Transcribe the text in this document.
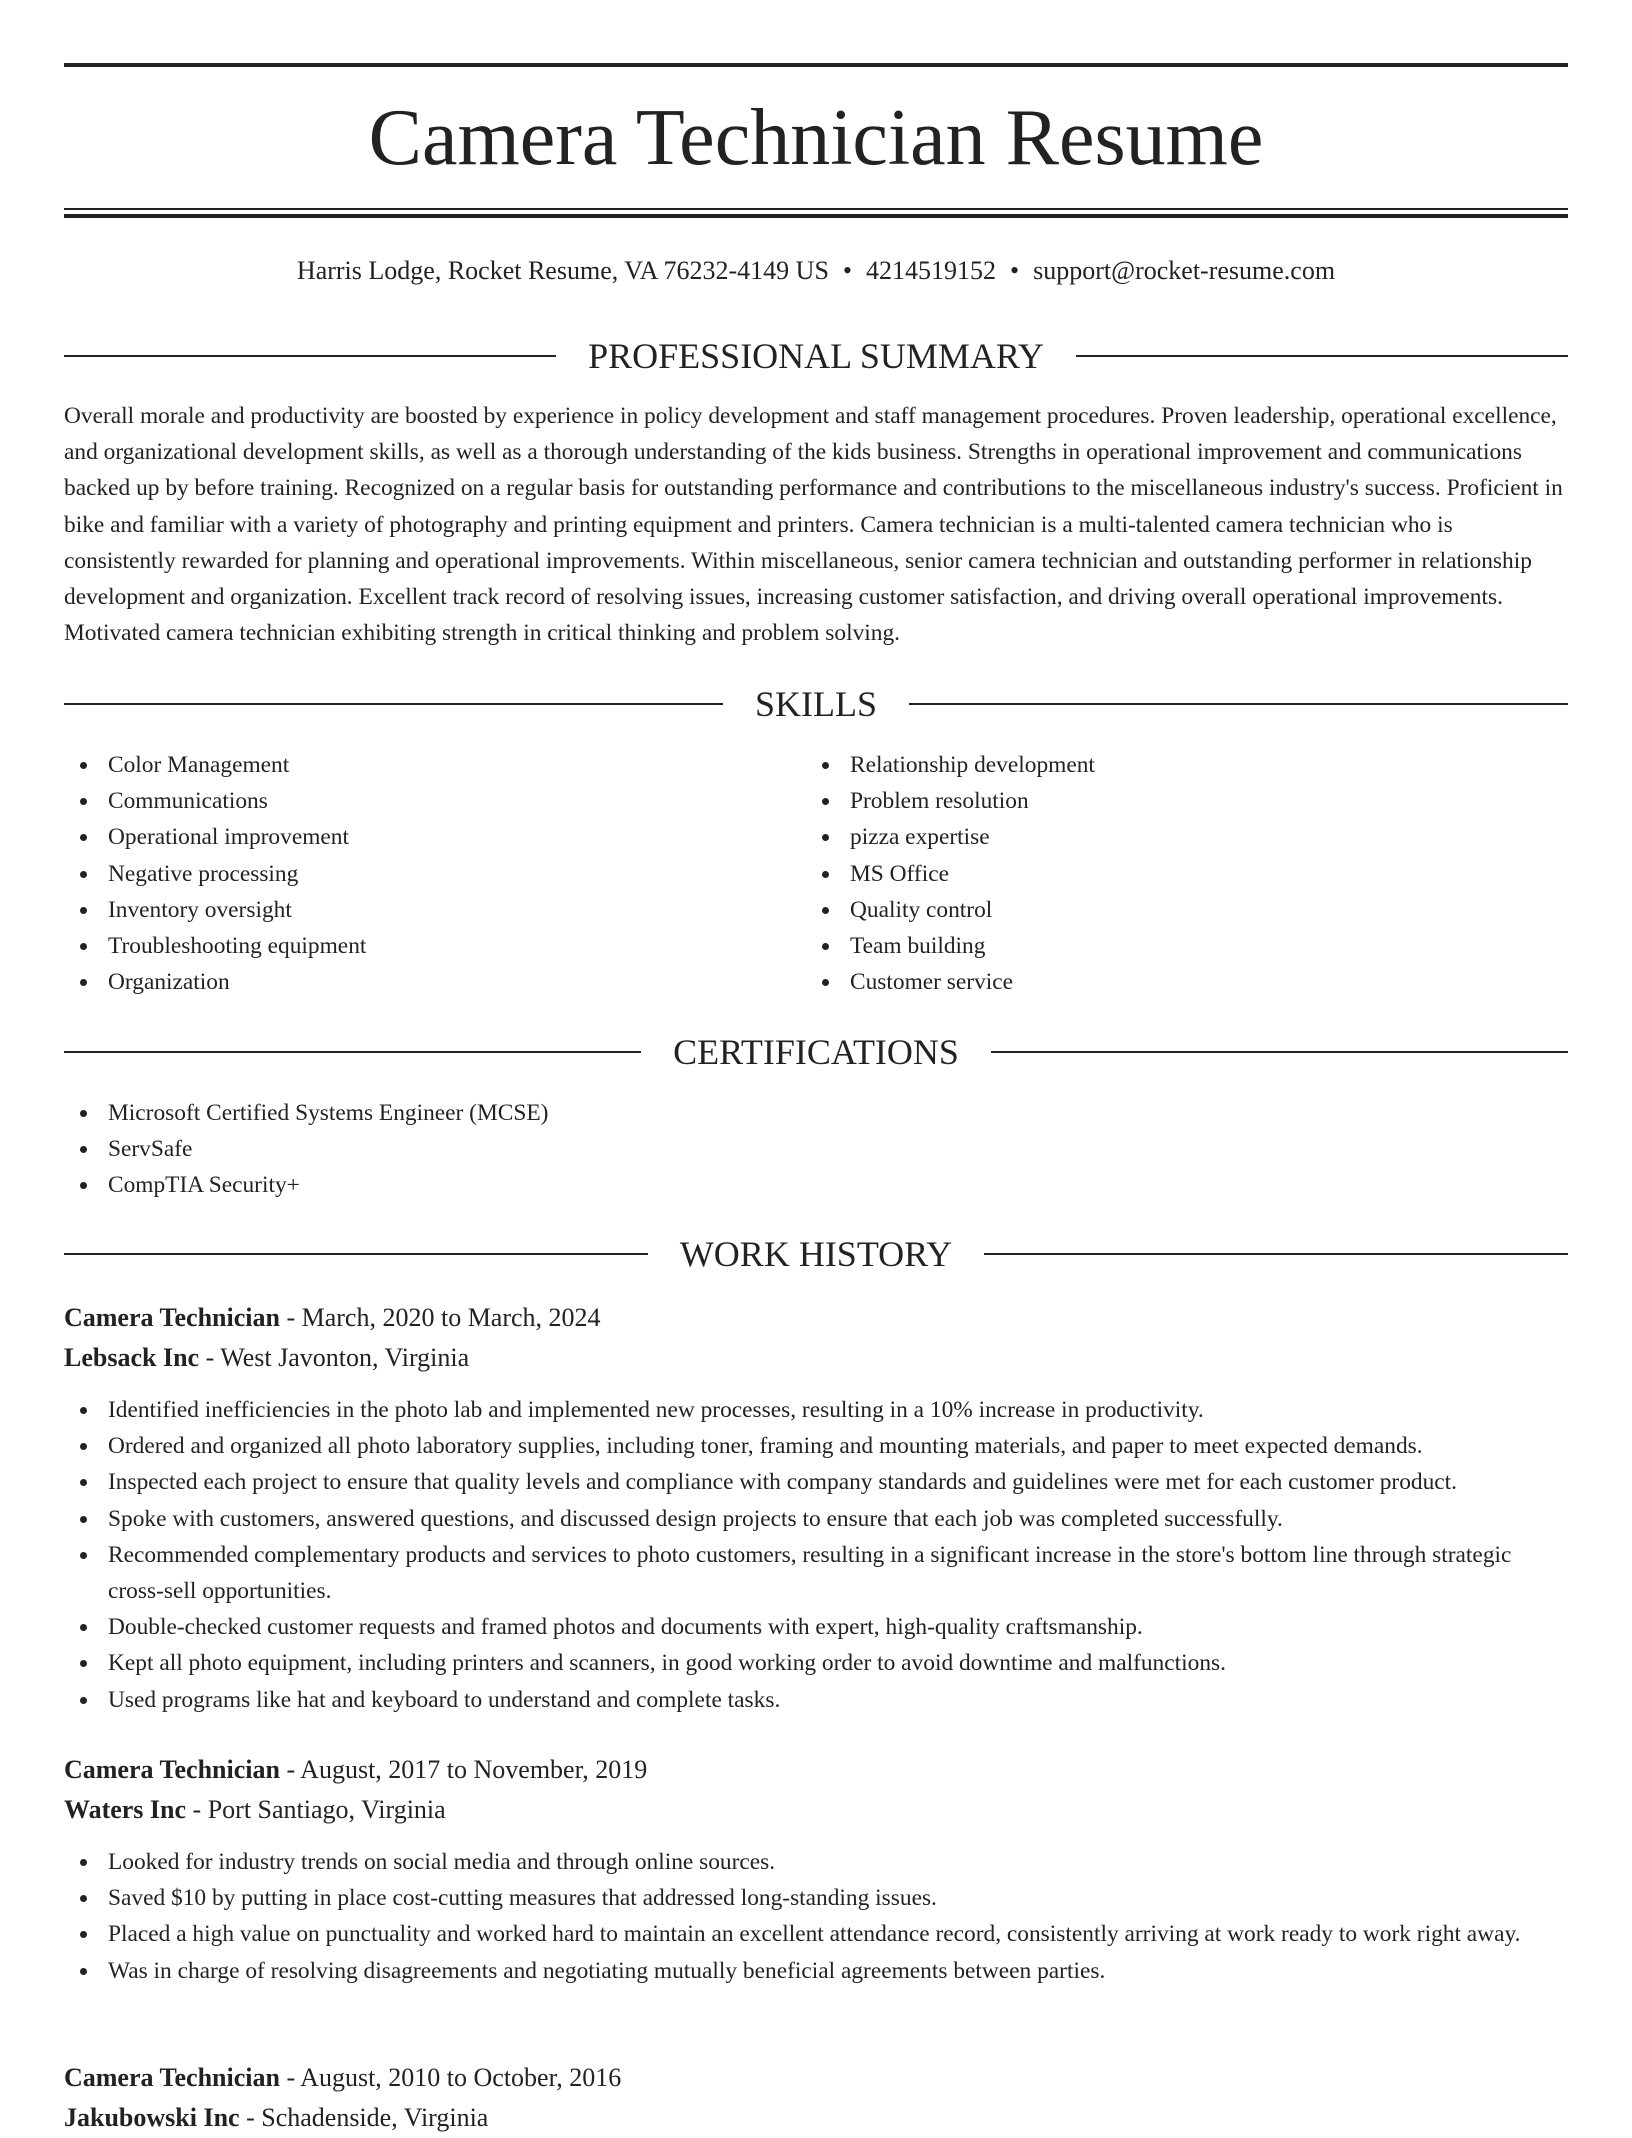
Camera Technician Resume
Harris Lodge, Rocket Resume, VA 76232-4149 US • 4214519152 • support@rocket-resume.com
PROFESSIONAL SUMMARY

Overall morale and productivity are boosted by experience in policy development and staff management procedures. Proven leadership, operational excellence, and organizational development skills, as well as a thorough understanding of the kids business. Strengths in operational improvement and communications backed up by before training. Recognized on a regular basis for outstanding performance and contributions to the miscellaneous industry's success. Proficient in bike and familiar with a variety of photography and printing equipment and printers. Camera technician is a multi-talented camera technician who is consistently rewarded for planning and operational improvements. Within miscellaneous, senior camera technician and outstanding performer in relationship development and organization. Excellent track record of resolving issues, increasing customer satisfaction, and driving overall operational improvements. Motivated camera technician exhibiting strength in critical thinking and problem solving.

SKILLS
Color Management
Communications
Operational improvement
Negative processing
Inventory oversight
Troubleshooting equipment
Organization
Relationship development
Problem resolution
pizza expertise
MS Office
Quality control
Team building
Customer service
CERTIFICATIONS
Microsoft Certified Systems Engineer (MCSE)
ServSafe
CompTIA Security+
WORK HISTORY
Camera Technician - March, 2020 to March, 2024
Lebsack Inc - West Javonton, Virginia
Identified inefficiencies in the photo lab and implemented new processes, resulting in a 10% increase in productivity.
Ordered and organized all photo laboratory supplies, including toner, framing and mounting materials, and paper to meet expected demands.
Inspected each project to ensure that quality levels and compliance with company standards and guidelines were met for each customer product.
Spoke with customers, answered questions, and discussed design projects to ensure that each job was completed successfully.
Recommended complementary products and services to photo customers, resulting in a significant increase in the store's bottom line through strategic cross-sell opportunities.
Double-checked customer requests and framed photos and documents with expert, high-quality craftsmanship.
Kept all photo equipment, including printers and scanners, in good working order to avoid downtime and malfunctions.
Used programs like hat and keyboard to understand and complete tasks.
Camera Technician - August, 2017 to November, 2019
Waters Inc - Port Santiago, Virginia
Looked for industry trends on social media and through online sources.
Saved $10 by putting in place cost-cutting measures that addressed long-standing issues.
Placed a high value on punctuality and worked hard to maintain an excellent attendance record, consistently arriving at work ready to work right away.
Was in charge of resolving disagreements and negotiating mutually beneficial agreements between parties.
Camera Technician - August, 2010 to October, 2016
Jakubowski Inc - Schadenside, Virginia
